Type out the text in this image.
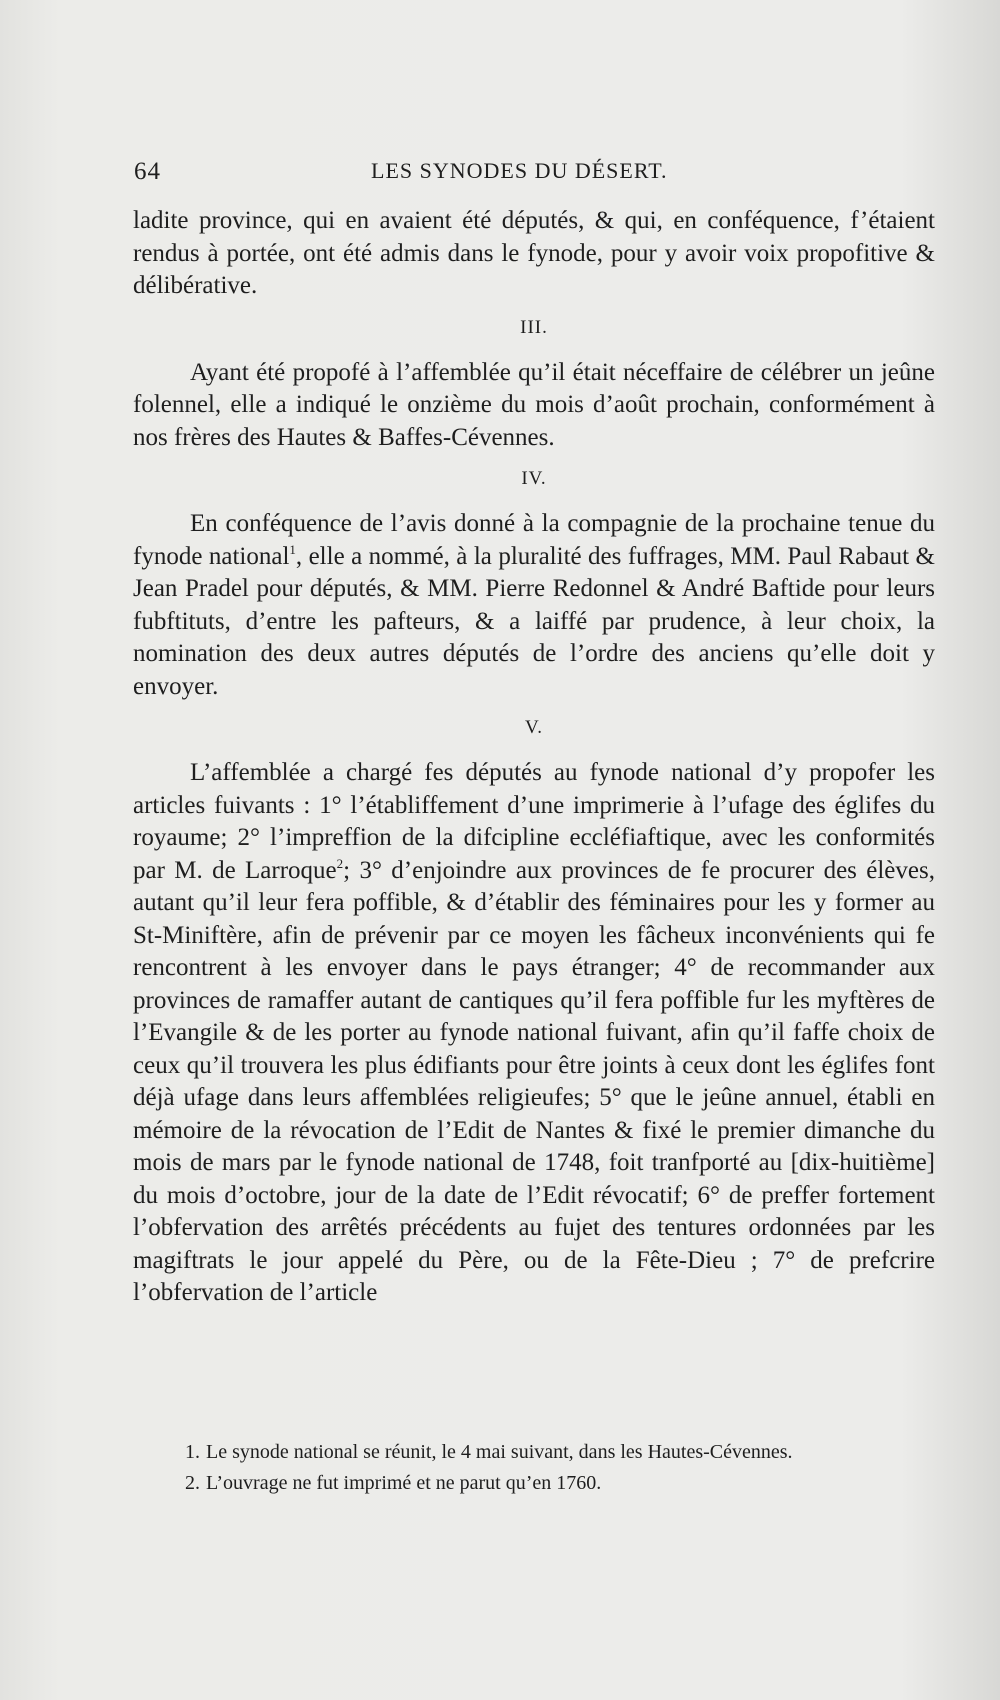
64	LES SYNODES DU DÉSERT.

ladite province, qui en avaient été députés, & qui, en conféquence, f’étaient rendus à portée, ont été admis dans le fynode, pour y avoir voix propofitive & délibérative.

III.

Ayant été propofé à l’affemblée qu’il était néceffaire de célébrer un jeûne folennel, elle a indiqué le onzième du mois d’août prochain, conformément à nos frères des Hautes & Baffes-Cévennes.

IV.

En conféquence de l’avis donné à la compagnie de la prochaine tenue du fynode national$^1$, elle a nommé, à la pluralité des fuffrages, MM. Paul Rabaut & Jean Pradel pour députés, & MM. Pierre Redonnel & André Baftide pour leurs fubftituts, d’entre les pafteurs, & a laiffé par prudence, à leur choix, la nomination des deux autres députés de l’ordre des anciens qu’elle doit y envoyer.

V.

L’affemblée a chargé fes députés au fynode national d’y propofer les articles fuivants : 1° l’établiffement d’une imprimerie à l’ufage des églifes du royaume; 2° l’impreffion de la difcipline eccléfiaftique, avec les conformités par M. de Larroque$^2$; 3° d’enjoindre aux provinces de fe procurer des élèves, autant qu’il leur fera poffible, & d’établir des féminaires pour les y former au St-Miniftère, afin de prévenir par ce moyen les fâcheux inconvénients qui fe rencontrent à les envoyer dans le pays étranger; 4° de recommander aux provinces de ramaffer autant de cantiques qu’il fera poffible fur les myftères de l’Evangile & de les porter au fynode national fuivant, afin qu’il faffe choix de ceux qu’il trouvera les plus édifiants pour être joints à ceux dont les églifes font déjà ufage dans leurs affemblées religieufes; 5° que le jeûne annuel, établi en mémoire de la révocation de l’Edit de Nantes & fixé le premier dimanche du mois de mars par le fynode national de 1748, foit tranfporté au [dix-huitième] du mois d’octobre, jour de la date de l’Edit révocatif; 6° de preffer fortement l’obfervation des arrêtés précédents au fujet des tentures ordonnées par les magiftrats le jour appelé du Père, ou de la Fête-Dieu ; 7° de prefcrire l’obfervation de l’article

1. Le synode national se réunit, le 4 mai suivant, dans les Hautes-Cévennes.

2. L’ouvrage ne fut imprimé et ne parut qu’en 1760.
